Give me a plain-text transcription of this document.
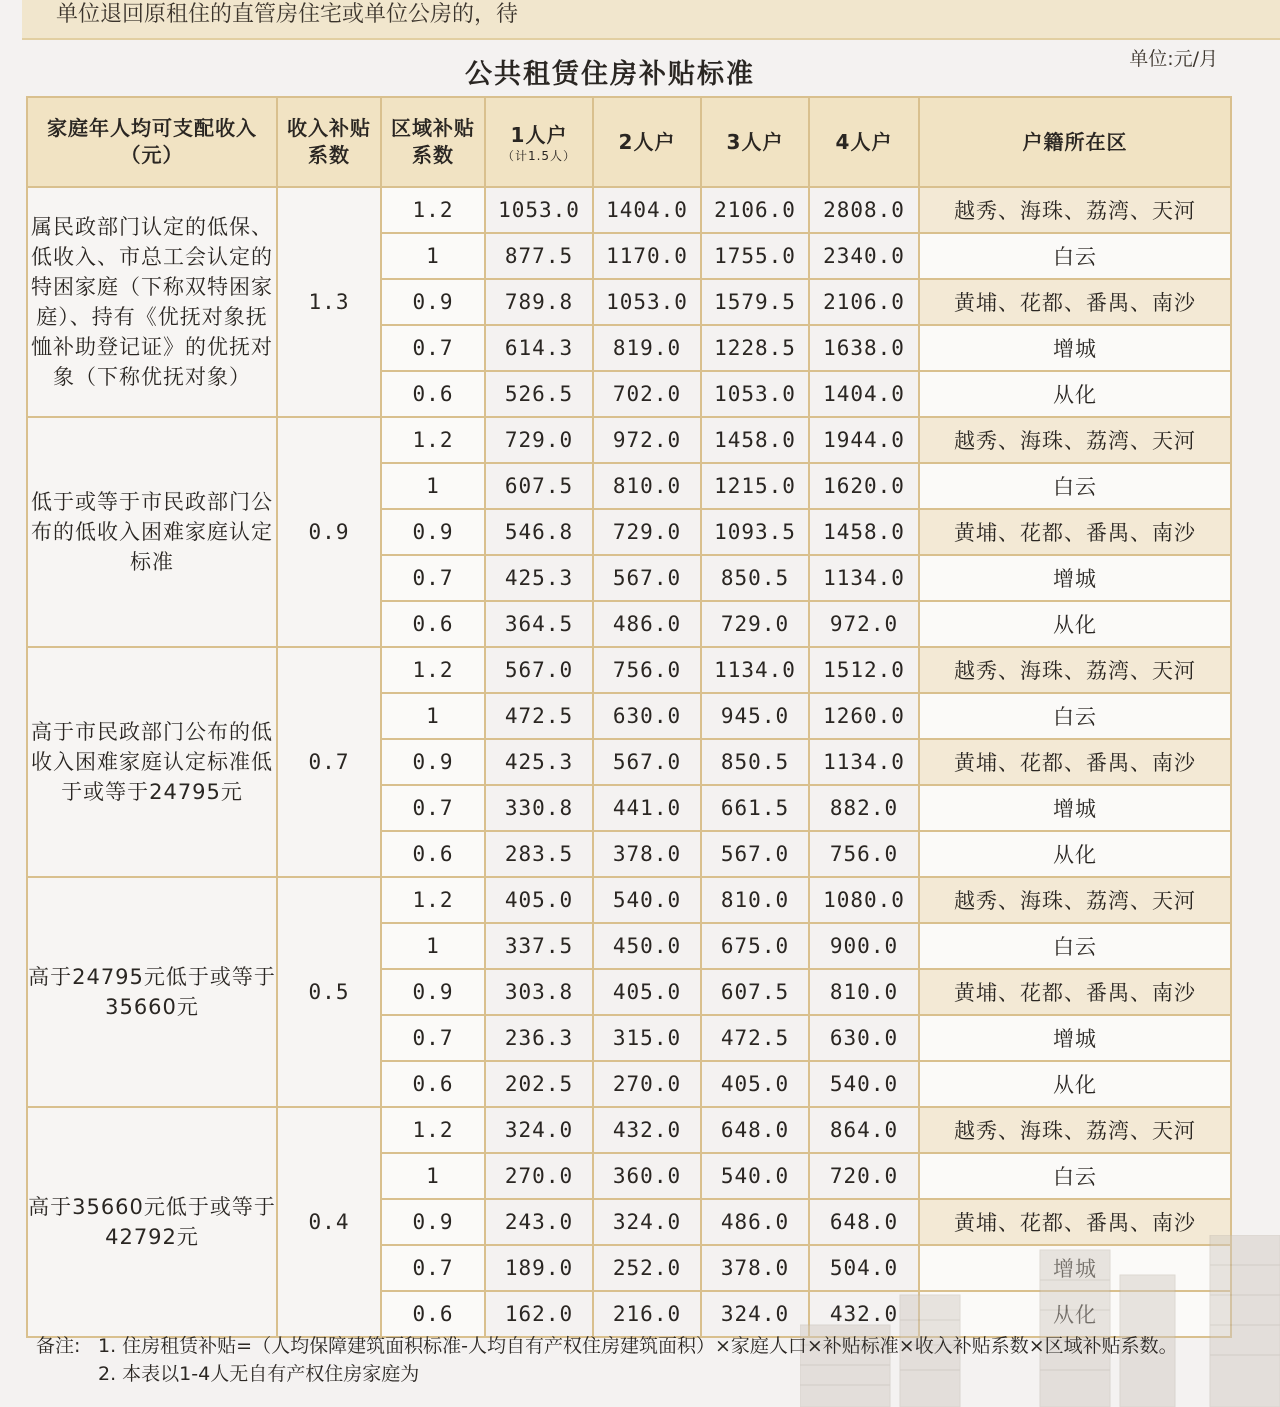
单位退回原租住的直管房住宅或单位公房的，待
公共租赁住房补贴标准	单位:元/月
家庭年人均可支配收入（元）	收入补贴系数	区域补贴系数	1人户
（计1.5人）	2人户	3人户	4人户	户籍所在区
属民政部门认定的低保、低收入、市总工会认定的特困家庭（下称双特困家庭）、持有《优抚对象抚恤补助登记证》的优抚对象（下称优抚对象）	1.3	1.2	1053.0	1404.0	2106.0	2808.0	越秀、海珠、荔湾、天河
		1	877.5	1170.0	1755.0	2340.0	白云
		0.9	789.8	1053.0	1579.5	2106.0	黄埔、花都、番禺、南沙
		0.7	614.3	819.0	1228.5	1638.0	增城
		0.6	526.5	702.0	1053.0	1404.0	从化
低于或等于市民政部门公布的低收入困难家庭认定标准	0.9	1.2	729.0	972.0	1458.0	1944.0	越秀、海珠、荔湾、天河
		1	607.5	810.0	1215.0	1620.0	白云
		0.9	546.8	729.0	1093.5	1458.0	黄埔、花都、番禺、南沙
		0.7	425.3	567.0	850.5	1134.0	增城
		0.6	364.5	486.0	729.0	972.0	从化
高于市民政部门公布的低收入困难家庭认定标准低于或等于24795元	0.7	1.2	567.0	756.0	1134.0	1512.0	越秀、海珠、荔湾、天河
		1	472.5	630.0	945.0	1260.0	白云
		0.9	425.3	567.0	850.5	1134.0	黄埔、花都、番禺、南沙
		0.7	330.8	441.0	661.5	882.0	增城
		0.6	283.5	378.0	567.0	756.0	从化
高于24795元低于或等于35660元	0.5	1.2	405.0	540.0	810.0	1080.0	越秀、海珠、荔湾、天河
		1	337.5	450.0	675.0	900.0	白云
		0.9	303.8	405.0	607.5	810.0	黄埔、花都、番禺、南沙
		0.7	236.3	315.0	472.5	630.0	增城
		0.6	202.5	270.0	405.0	540.0	从化
高于35660元低于或等于42792元	0.4	1.2	324.0	432.0	648.0	864.0	越秀、海珠、荔湾、天河
		1	270.0	360.0	540.0	720.0	白云
		0.9	243.0	324.0	486.0	648.0	黄埔、花都、番禺、南沙
		0.7	189.0	252.0	378.0	504.0	增城
		0.6	162.0	216.0	324.0	432.0	从化
备注: 1. 住房租赁补贴=（人均保障建筑面积标准-人均自有产权住房建筑面积）×家庭人口×补贴标准×收入补贴系数×区域补贴系数。
2. 本表以1-4人无自有产权住房家庭为
